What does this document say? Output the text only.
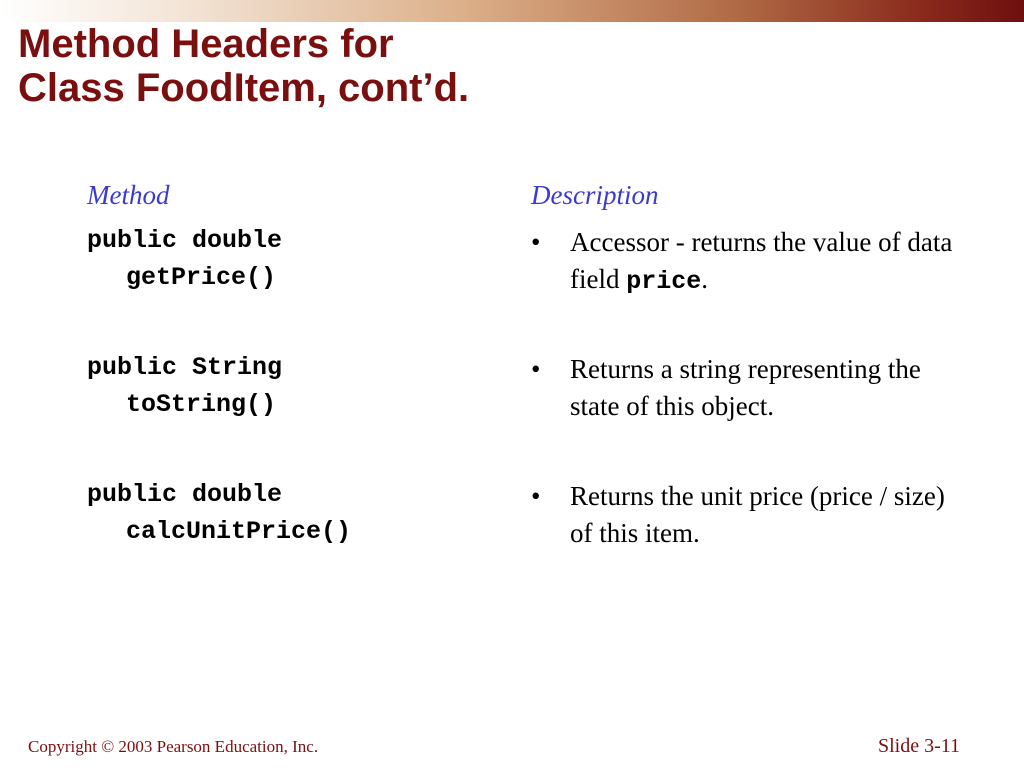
Method Headers for
Class FoodItem, cont’d.
Method	Description
public double
getPrice()
• Accessor - returns the value of data field price.
public String
toString()
• Returns a string representing the state of this object.
public double
calcUnitPrice()
• Returns the unit price (price / size) of this item.
Copyright © 2003 Pearson Education, Inc.	Slide 3-11
